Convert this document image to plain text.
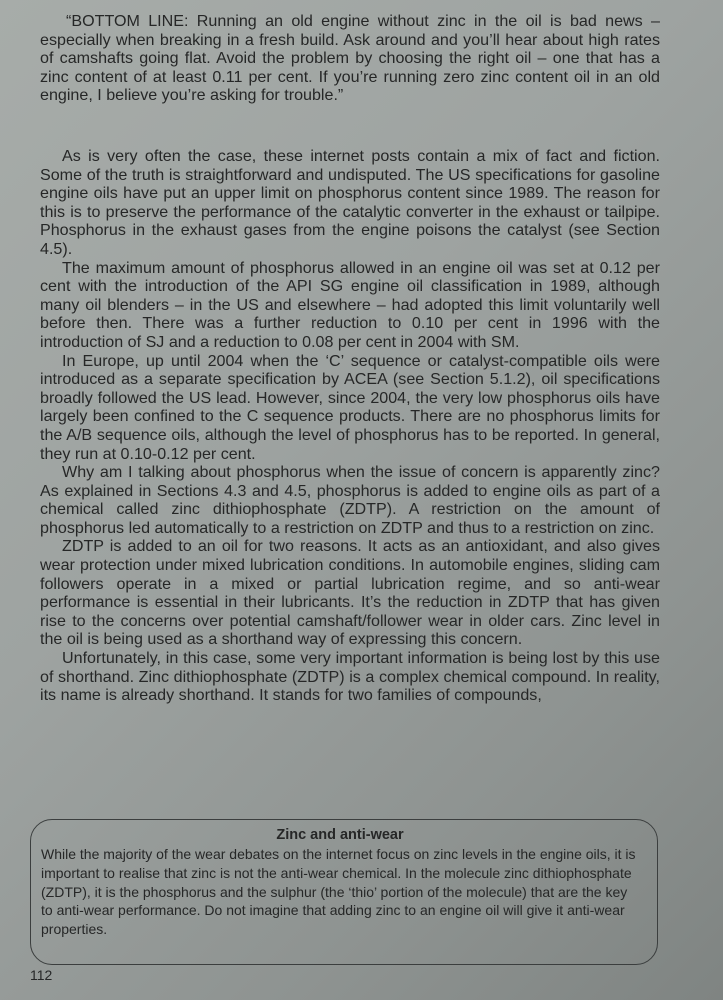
“BOTTOM LINE: Running an old engine without zinc in the oil is bad news – especially when breaking in a fresh build. Ask around and you’ll hear about high rates of camshafts going flat. Avoid the problem by choosing the right oil – one that has a zinc content of at least 0.11 per cent. If you’re running zero zinc content oil in an old engine, I believe you’re asking for trouble.”

As is very often the case, these internet posts contain a mix of fact and fiction. Some of the truth is straightforward and undisputed. The US specifications for gasoline engine oils have put an upper limit on phosphorus content since 1989. The reason for this is to preserve the performance of the catalytic converter in the exhaust or tailpipe. Phosphorus in the exhaust gases from the engine poisons the catalyst (see Section 4.5).

The maximum amount of phosphorus allowed in an engine oil was set at 0.12 per cent with the introduction of the API SG engine oil classification in 1989, although many oil blenders – in the US and elsewhere – had adopted this limit voluntarily well before then. There was a further reduction to 0.10 per cent in 1996 with the introduction of SJ and a reduction to 0.08 per cent in 2004 with SM.

In Europe, up until 2004 when the ‘C’ sequence or catalyst-compatible oils were introduced as a separate specification by ACEA (see Section 5.1.2), oil specifications broadly followed the US lead. However, since 2004, the very low phosphorus oils have largely been confined to the C sequence products. There are no phosphorus limits for the A/B sequence oils, although the level of phosphorus has to be reported. In general, they run at 0.10-0.12 per cent.

Why am I talking about phosphorus when the issue of concern is apparently zinc? As explained in Sections 4.3 and 4.5, phosphorus is added to engine oils as part of a chemical called zinc dithiophosphate (ZDTP). A restriction on the amount of phosphorus led automatically to a restriction on ZDTP and thus to a restriction on zinc.

ZDTP is added to an oil for two reasons. It acts as an antioxidant, and also gives wear protection under mixed lubrication conditions. In automobile engines, sliding cam followers operate in a mixed or partial lubrication regime, and so anti-wear performance is essential in their lubricants. It’s the reduction in ZDTP that has given rise to the concerns over potential camshaft/follower wear in older cars. Zinc level in the oil is being used as a shorthand way of expressing this concern.

Unfortunately, in this case, some very important information is being lost by this use of shorthand. Zinc dithiophosphate (ZDTP) is a complex chemical compound. In reality, its name is already shorthand. It stands for two families of compounds,

Zinc and anti-wear

While the majority of the wear debates on the internet focus on zinc levels in the engine oils, it is important to realise that zinc is not the anti-wear chemical. In the molecule zinc dithiophosphate (ZDTP), it is the phosphorus and the sulphur (the ‘thio’ portion of the molecule) that are the key to anti-wear performance. Do not imagine that adding zinc to an engine oil will give it anti-wear properties.

112
